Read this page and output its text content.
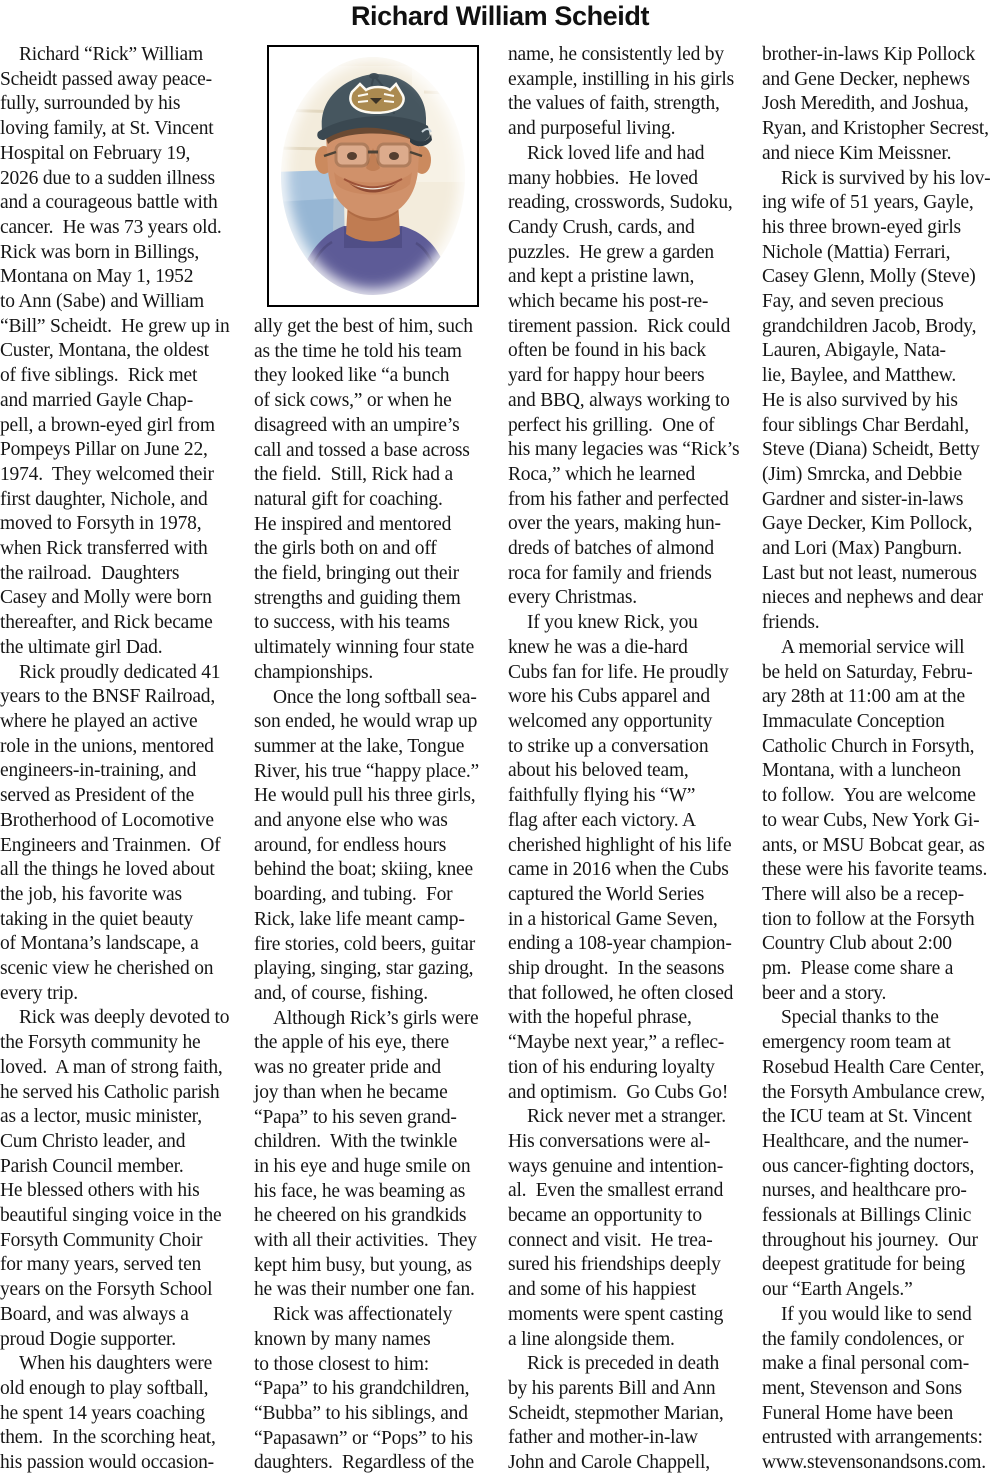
Richard William Scheidt
Richard “Rick” William
Scheidt passed away peace-
fully, surrounded by his
loving family, at St. Vincent
Hospital on February 19,
2026 due to a sudden illness
and a courageous battle with
cancer.  He was 73 years old.
Rick was born in Billings,
Montana on May 1, 1952
to Ann (Sabe) and William
“Bill” Scheidt.  He grew up in
Custer, Montana, the oldest
of five siblings.  Rick met
and married Gayle Chap-
pell, a brown-eyed girl from
Pompeys Pillar on June 22,
1974.  They welcomed their
first daughter, Nichole, and
moved to Forsyth in 1978,
when Rick transferred with
the railroad.  Daughters
Casey and Molly were born
thereafter, and Rick became
the ultimate girl Dad.
Rick proudly dedicated 41
years to the BNSF Railroad,
where he played an active
role in the unions, mentored
engineers-in-training, and
served as President of the
Brotherhood of Locomotive
Engineers and Trainmen.  Of
all the things he loved about
the job, his favorite was
taking in the quiet beauty
of Montana’s landscape, a
scenic view he cherished on
every trip.
Rick was deeply devoted to
the Forsyth community he
loved.  A man of strong faith,
he served his Catholic parish
as a lector, music minister,
Cum Christo leader, and
Parish Council member.
He blessed others with his
beautiful singing voice in the
Forsyth Community Choir
for many years, served ten
years on the Forsyth School
Board, and was always a
proud Dogie supporter.
When his daughters were
old enough to play softball,
he spent 14 years coaching
them.  In the scorching heat,
his passion would occasion-
ally get the best of him, such
as the time he told his team
they looked like “a bunch
of sick cows,” or when he
disagreed with an umpire’s
call and tossed a base across
the field.  Still, Rick had a
natural gift for coaching.
He inspired and mentored
the girls both on and off
the field, bringing out their
strengths and guiding them
to success, with his teams
ultimately winning four state
championships.
Once the long softball sea-
son ended, he would wrap up
summer at the lake, Tongue
River, his true “happy place.”
He would pull his three girls,
and anyone else who was
around, for endless hours
behind the boat; skiing, knee
boarding, and tubing.  For
Rick, lake life meant camp-
fire stories, cold beers, guitar
playing, singing, star gazing,
and, of course, fishing.
Although Rick’s girls were
the apple of his eye, there
was no greater pride and
joy than when he became
“Papa” to his seven grand-
children.  With the twinkle
in his eye and huge smile on
his face, he was beaming as
he cheered on his grandkids
with all their activities.  They
kept him busy, but young, as
he was their number one fan.
Rick was affectionately
known by many names
to those closest to him:
“Papa” to his grandchildren,
“Bubba” to his siblings, and
“Papasawn” or “Pops” to his
daughters.  Regardless of the
name, he consistently led by
example, instilling in his girls
the values of faith, strength,
and purposeful living.
Rick loved life and had
many hobbies.  He loved
reading, crosswords, Sudoku,
Candy Crush, cards, and
puzzles.  He grew a garden
and kept a pristine lawn,
which became his post-re-
tirement passion.  Rick could
often be found in his back
yard for happy hour beers
and BBQ, always working to
perfect his grilling.  One of
his many legacies was “Rick’s
Roca,” which he learned
from his father and perfected
over the years, making hun-
dreds of batches of almond
roca for family and friends
every Christmas.
If you knew Rick, you
knew he was a die-hard
Cubs fan for life. He proudly
wore his Cubs apparel and
welcomed any opportunity
to strike up a conversation
about his beloved team,
faithfully flying his “W”
flag after each victory. A
cherished highlight of his life
came in 2016 when the Cubs
captured the World Series
in a historical Game Seven,
ending a 108-year champion-
ship drought.  In the seasons
that followed, he often closed
with the hopeful phrase,
“Maybe next year,” a reflec-
tion of his enduring loyalty
and optimism.  Go Cubs Go!
Rick never met a stranger.
His conversations were al-
ways genuine and intention-
al.  Even the smallest errand
became an opportunity to
connect and visit.  He trea-
sured his friendships deeply
and some of his happiest
moments were spent casting
a line alongside them.
Rick is preceded in death
by his parents Bill and Ann
Scheidt, stepmother Marian,
father and mother-in-law
John and Carole Chappell,
brother-in-laws Kip Pollock
and Gene Decker, nephews
Josh Meredith, and Joshua,
Ryan, and Kristopher Secrest,
and niece Kim Meissner.
Rick is survived by his lov-
ing wife of 51 years, Gayle,
his three brown-eyed girls
Nichole (Mattia) Ferrari,
Casey Glenn, Molly (Steve)
Fay, and seven precious
grandchildren Jacob, Brody,
Lauren, Abigayle, Nata-
lie, Baylee, and Matthew.
He is also survived by his
four siblings Char Berdahl,
Steve (Diana) Scheidt, Betty
(Jim) Smrcka, and Debbie
Gardner and sister-in-laws
Gaye Decker, Kim Pollock,
and Lori (Max) Pangburn.
Last but not least, numerous
nieces and nephews and dear
friends.
A memorial service will
be held on Saturday, Febru-
ary 28th at 11:00 am at the
Immaculate Conception
Catholic Church in Forsyth,
Montana, with a luncheon
to follow.  You are welcome
to wear Cubs, New York Gi-
ants, or MSU Bobcat gear, as
these were his favorite teams.
There will also be a recep-
tion to follow at the Forsyth
Country Club about 2:00
pm.  Please come share a
beer and a story.
Special thanks to the
emergency room team at
Rosebud Health Care Center,
the Forsyth Ambulance crew,
the ICU team at St. Vincent
Healthcare, and the numer-
ous cancer-fighting doctors,
nurses, and healthcare pro-
fessionals at Billings Clinic
throughout his journey.  Our
deepest gratitude for being
our “Earth Angels.”
If you would like to send
the family condolences, or
make a final personal com-
ment, Stevenson and Sons
Funeral Home have been
entrusted with arrangements:
www.stevensonandsons.com.
